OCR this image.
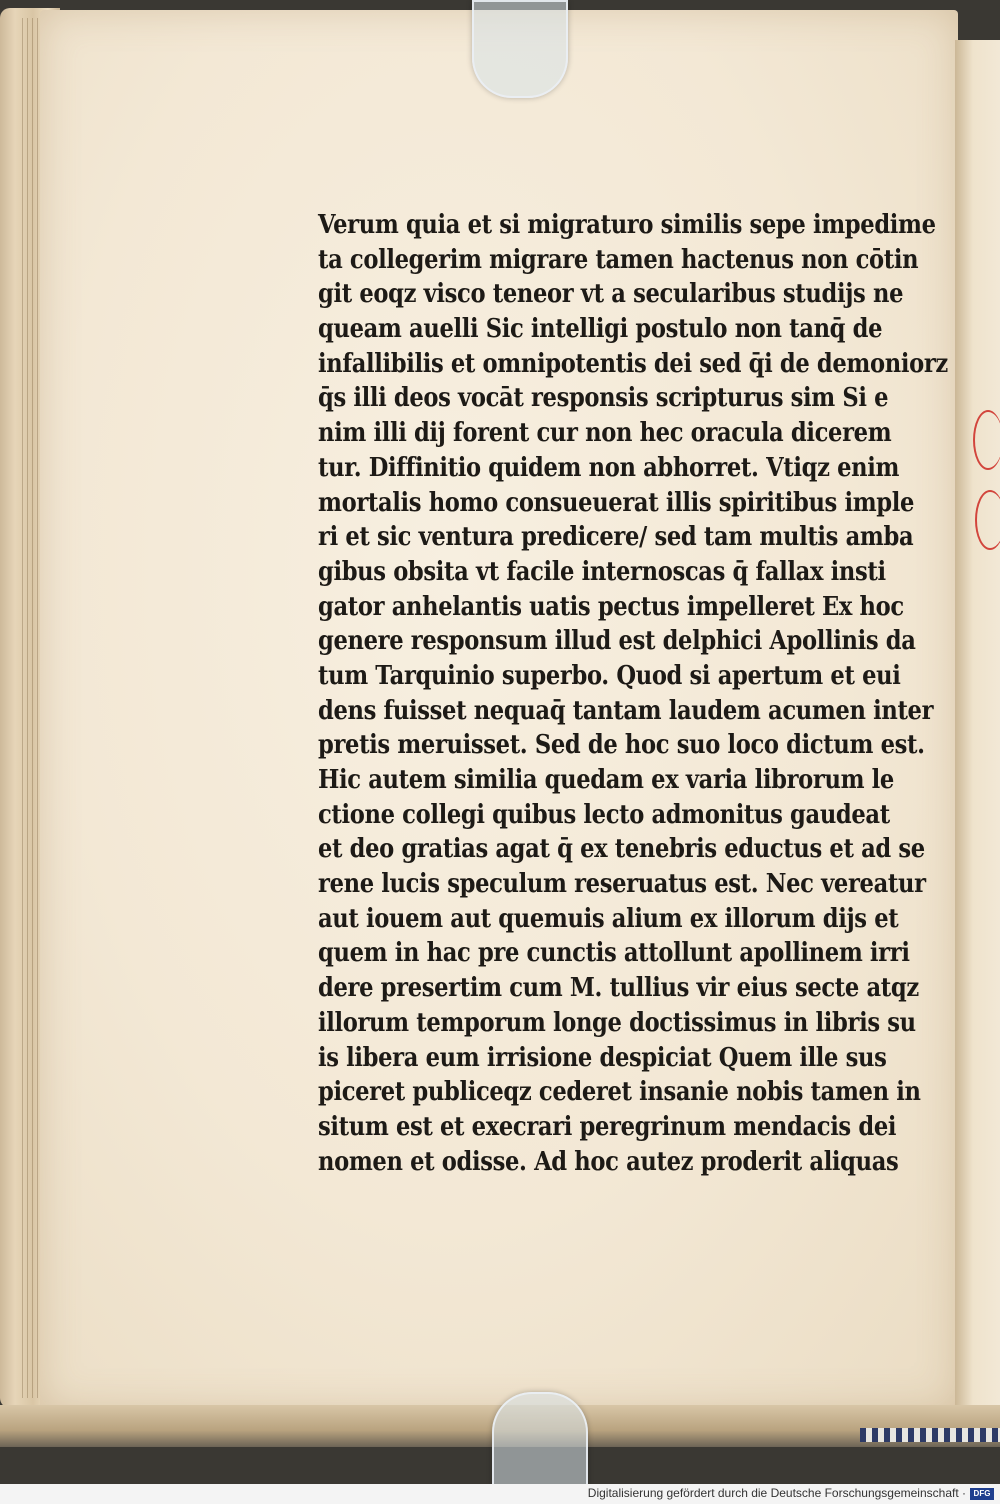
Verum quia et si migraturo similis sepe impedime
ta collegerim migrare tamen hactenus non cōtin
git eoqz visco teneor vt a secularibus studijs ne
queam auelli Sic intelligi postulo non tanq̄ de
infallibilis et omnipotentis dei sed q̄i de demoniorz
q̄s illi deos vocāt responsis scripturus sim Si e
nim illi dij forent cur non hec oracula dicerem
tur. Diffinitio quidem non abhorret. Vtiqz enim
mortalis homo consueuerat illis spiritibus imple
ri et sic ventura predicere/ sed tam multis amba
gibus obsita vt facile internoscas q̄ fallax insti
gator anhelantis uatis pectus impelleret Ex hoc
genere responsum illud est delphici Apollinis da
tum Tarquinio superbo. Quod si apertum et eui
dens fuisset nequaq̄ tantam laudem acumen inter
pretis meruisset. Sed de hoc suo loco dictum est.
Hic autem similia quedam ex varia librorum le
ctione collegi quibus lecto admonitus gaudeat
et deo gratias agat q̄ ex tenebris eductus et ad se
rene lucis speculum reseruatus est. Nec vereatur
aut iouem aut quemuis alium ex illorum dijs et
quem in hac pre cunctis attollunt apollinem irri
dere presertim cum M. tullius vir eius secte atqz
illorum temporum longe doctissimus in libris su
is libera eum irrisione despiciat Quem ille sus
piceret publiceqz cederet insanie nobis tamen in
situm est et execrari peregrinum mendacis dei
nomen et odisse. Ad hoc autez proderit aliquas
Digitalisierung gefördert durch die Deutsche Forschungsgemeinschaft · DFG
